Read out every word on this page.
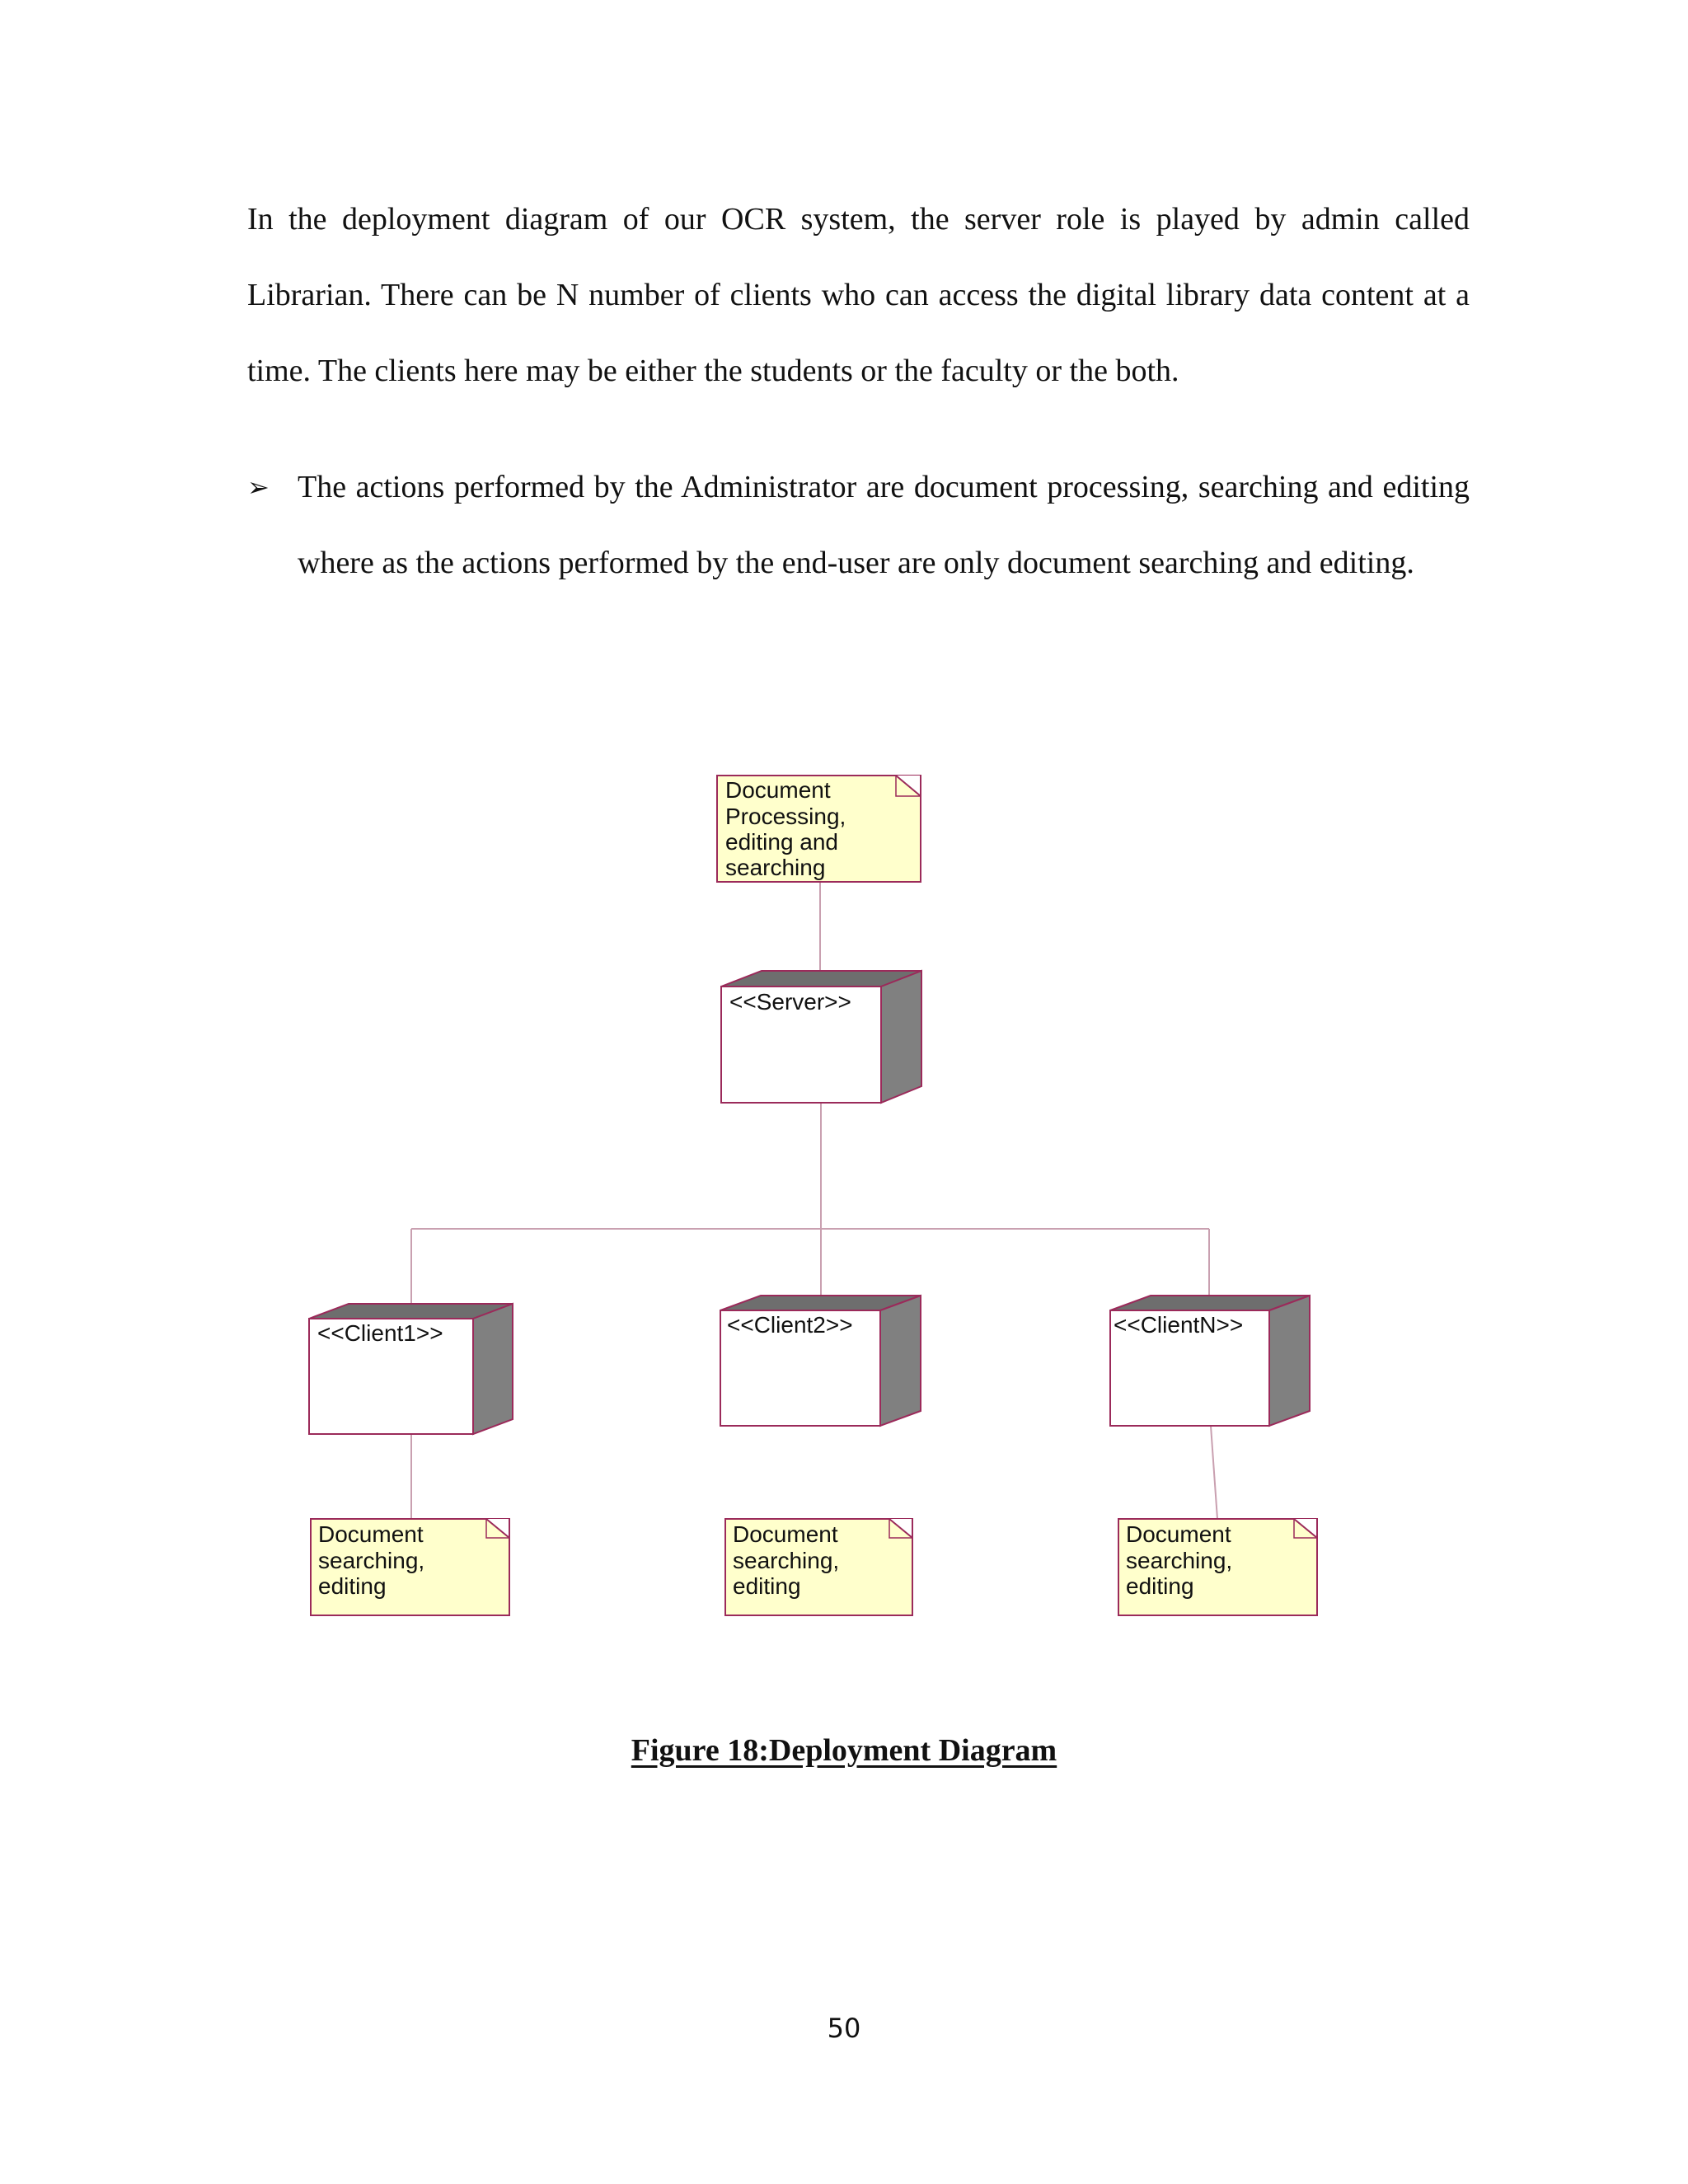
In the deployment diagram of our OCR system, the server role is played by admin called Librarian. There can be N number of clients who can access the digital library data content at a time. The clients here may be either the students or the faculty or the both.

➢ The actions performed by the Administrator are document processing, searching and editing where as the actions performed by the end-user are only document searching and editing.

Document
Processing,
editing and
searching
<<Server>>
<<Client1>>	<<Client2>>	<<ClientN>>
Document
searching,
editing
Document
searching,
editing
Document
searching,
editing

Figure 18:Deployment Diagram

50
